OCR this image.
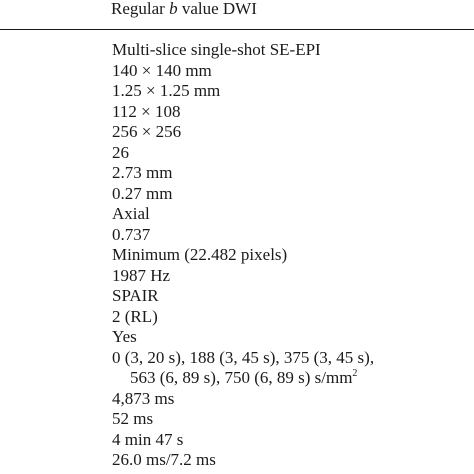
Regular b value DWI
Multi-slice single-shot SE-EPI
140 × 140 mm
1.25 × 1.25 mm
112 × 108
256 × 256
26
2.73 mm
0.27 mm
Axial
0.737
Minimum (22.482 pixels)
1987 Hz
SPAIR
2 (RL)
Yes
0 (3, 20 s), 188 (3, 45 s), 375 (3, 45 s),
563 (6, 89 s), 750 (6, 89 s) $s/mm^2$
4,873 ms
52 ms
4 min 47 s
26.0 ms/7.2 ms
